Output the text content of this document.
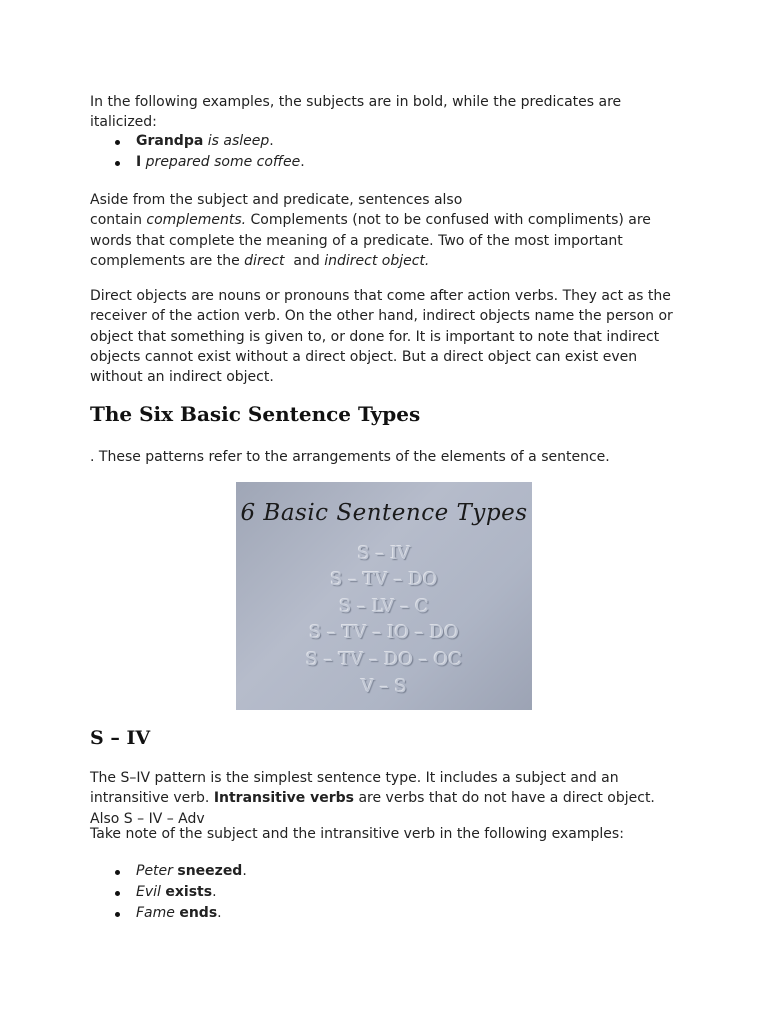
In the following examples, the subjects are in bold, while the predicates are italicized:

Grandpa is asleep.
I prepared some coffee.

Aside from the subject and predicate, sentences also
contain complements. Complements (not to be confused with compliments) are words that complete the meaning of a predicate. Two of the most important complements are the direct  and indirect object.

Direct objects are nouns or pronouns that come after action verbs. They act as the receiver of the action verb. On the other hand, indirect objects name the person or object that something is given to, or done for. It is important to note that indirect objects cannot exist without a direct object. But a direct object can exist even without an indirect object.

The Six Basic Sentence Types

. These patterns refer to the arrangements of the elements of a sentence.

6 Basic Sentence Types
S – IV
S – TV – DO
S – LV – C
S – TV – IO – DO
S – TV – DO – OC
V – S
S – IV

The S–IV pattern is the simplest sentence type. It includes a subject and an intransitive verb. Intransitive verbs are verbs that do not have a direct object. Also S – IV – Adv

Take note of the subject and the intransitive verb in the following examples:

Peter sneezed.
Evil exists.
Fame ends.
